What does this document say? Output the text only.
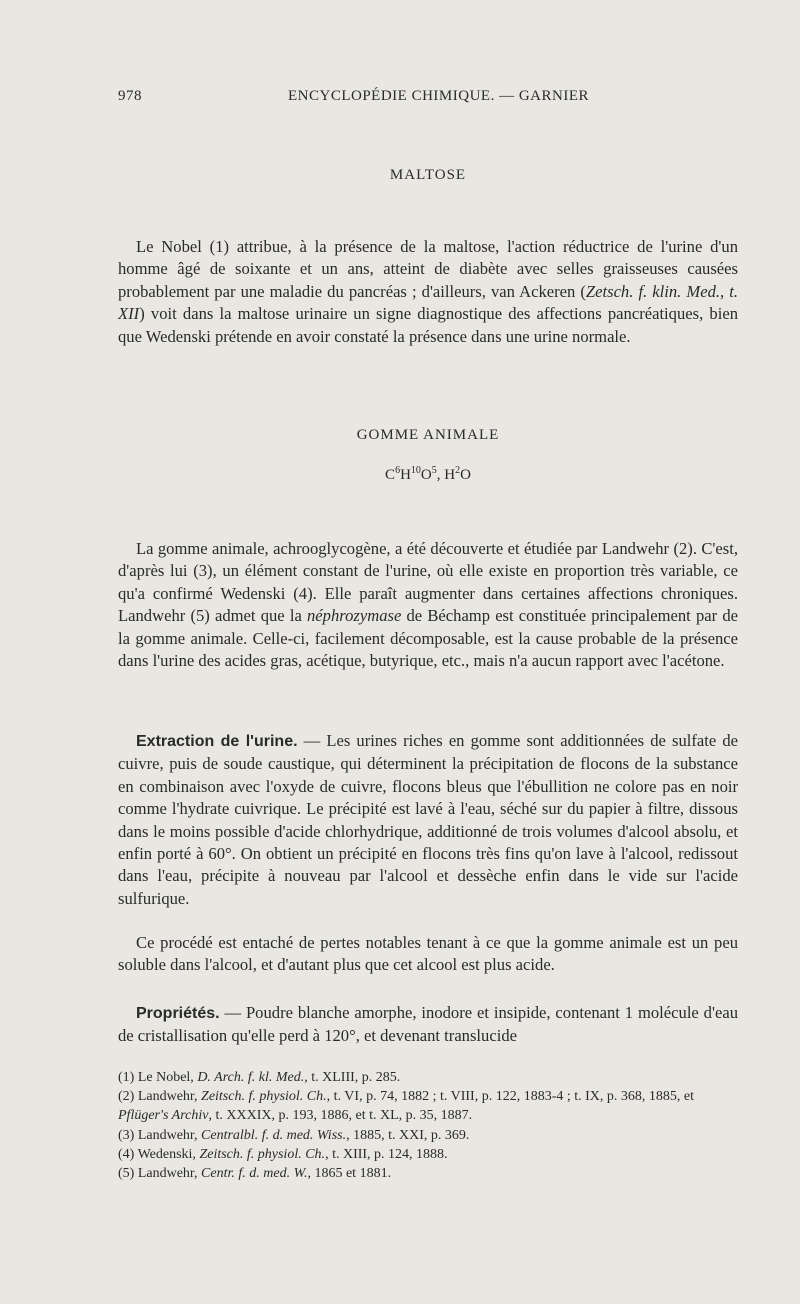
978	ENCYCLOPÉDIE CHIMIQUE. — GARNIER
MALTOSE

Le Nobel (1) attribue, à la présence de la maltose, l'action réductrice de l'urine d'un homme âgé de soixante et un ans, atteint de diabète avec selles graisseuses causées probablement par une maladie du pancréas ; d'ailleurs, van Ackeren (Zetsch. f. klin. Med., t. XII) voit dans la maltose urinaire un signe diagnostique des affections pancréatiques, bien que Wedenski prétende en avoir constaté la présence dans une urine normale.

GOMME ANIMALE
$C^6H^{10}O^5$, $H^2O$

La gomme animale, achrooglycogène, a été découverte et étudiée par Landwehr (2). C'est, d'après lui (3), un élément constant de l'urine, où elle existe en proportion très variable, ce qu'a confirmé Wedenski (4). Elle paraît augmenter dans certaines affections chroniques. Landwehr (5) admet que la néphrozymase de Béchamp est constituée principalement par de la gomme animale. Celle-ci, facilement décomposable, est la cause probable de la présence dans l'urine des acides gras, acétique, butyrique, etc., mais n'a aucun rapport avec l'acétone.

Extraction de l'urine. — Les urines riches en gomme sont additionnées de sulfate de cuivre, puis de soude caustique, qui déterminent la précipitation de flocons de la substance en combinaison avec l'oxyde de cuivre, flocons bleus que l'ébullition ne colore pas en noir comme l'hydrate cuivrique. Le précipité est lavé à l'eau, séché sur du papier à filtre, dissous dans le moins possible d'acide chlorhydrique, additionné de trois volumes d'alcool absolu, et enfin porté à 60°. On obtient un précipité en flocons très fins qu'on lave à l'alcool, redissout dans l'eau, précipite à nouveau par l'alcool et dessèche enfin dans le vide sur l'acide sulfurique.

Ce procédé est entaché de pertes notables tenant à ce que la gomme animale est un peu soluble dans l'alcool, et d'autant plus que cet alcool est plus acide.

Propriétés. — Poudre blanche amorphe, inodore et insipide, contenant 1 molécule d'eau de cristallisation qu'elle perd à 120°, et devenant translucide

(1) Le Nobel, D. Arch. f. kl. Med., t. XLIII, p. 285.
(2) Landwehr, Zeitsch. f. physiol. Ch., t. VI, p. 74, 1882 ; t. VIII, p. 122, 1883-4 ; t. IX, p. 368, 1885, et Pflüger's Archiv, t. XXXIX, p. 193, 1886, et t. XL, p. 35, 1887.
(3) Landwehr, Centralbl. f. d. med. Wiss., 1885, t. XXI, p. 369.
(4) Wedenski, Zeitsch. f. physiol. Ch., t. XIII, p. 124, 1888.
(5) Landwehr, Centr. f. d. med. W., 1865 et 1881.
